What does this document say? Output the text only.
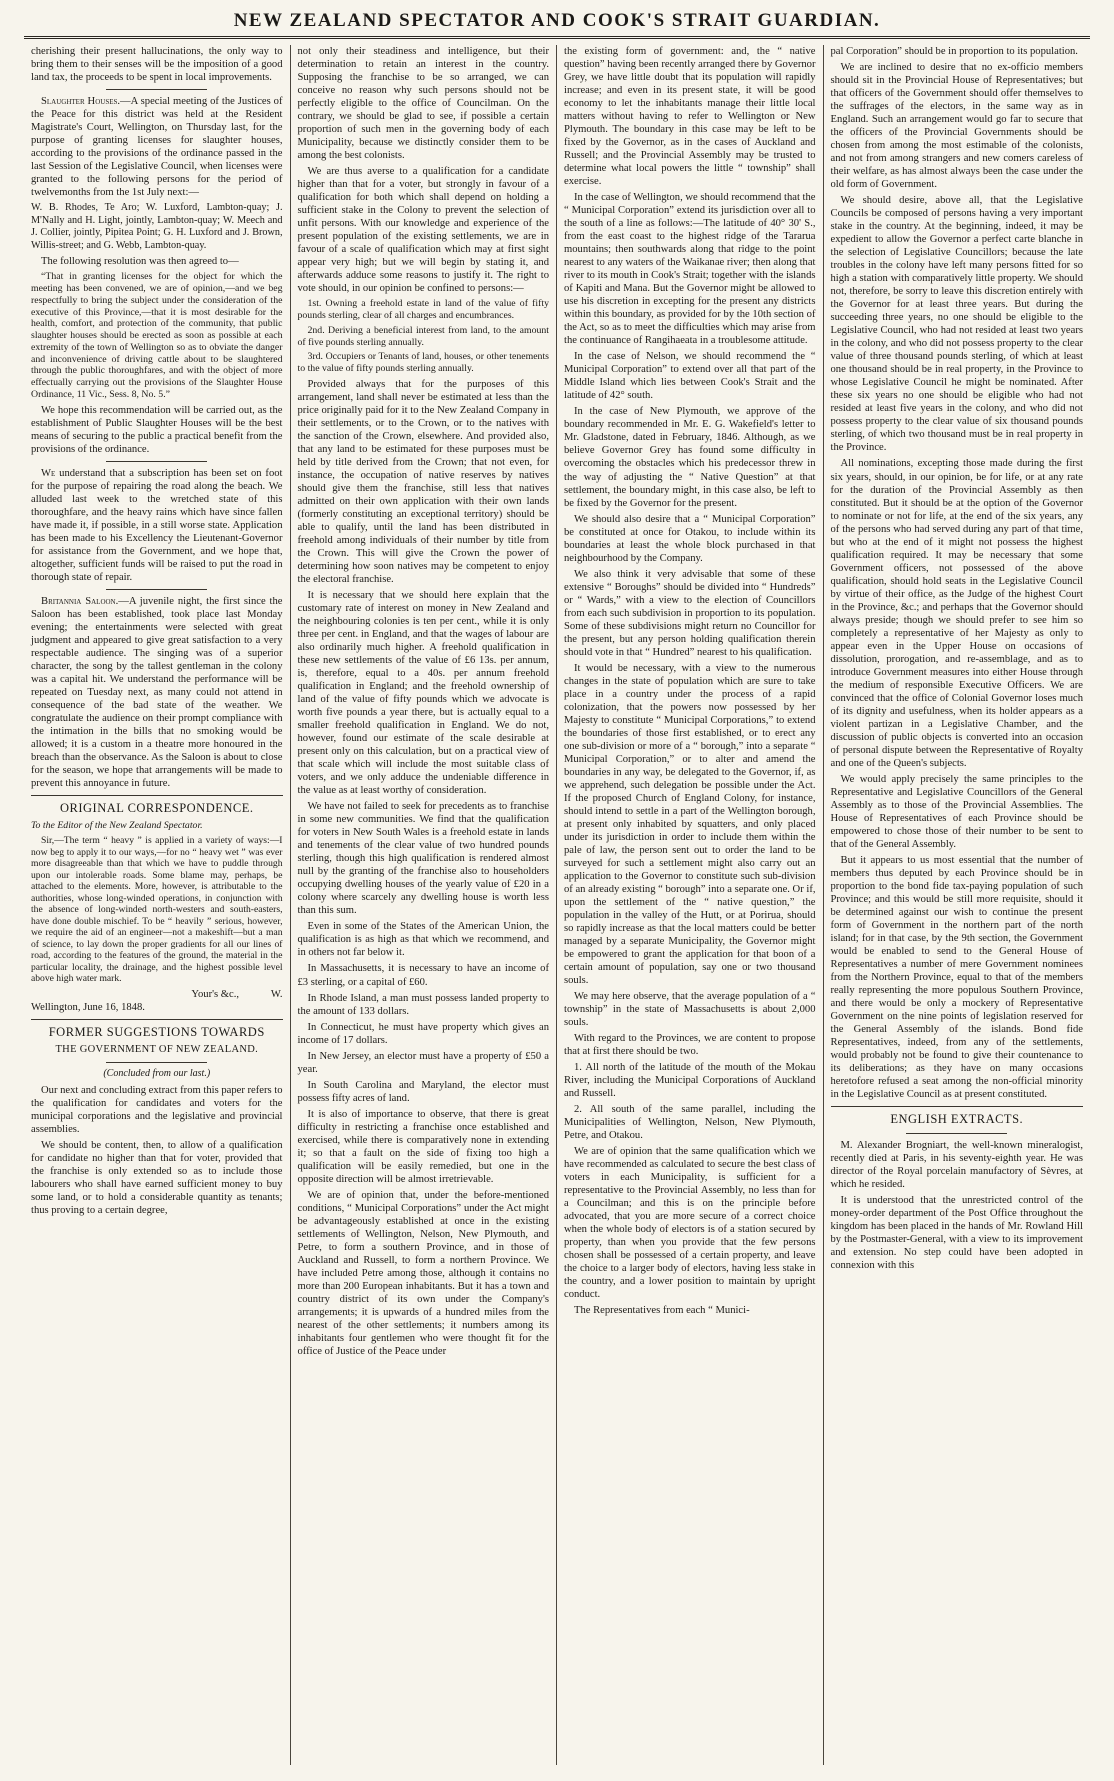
NEW ZEALAND SPECTATOR AND COOK'S STRAIT GUARDIAN.

cherishing their present hallucinations, the only way to bring them to their senses will be the imposition of a good land tax, the proceeds to be spent in local improvements.

Slaughter Houses.—A special meeting of the Justices of the Peace for this district was held at the Resident Magistrate's Court, Wellington, on Thursday last, for the purpose of granting licenses for slaughter houses, according to the provisions of the ordinance passed in the last Session of the Legislative Council, when licenses were granted to the following persons for the period of twelvemonths from the 1st July next:—

W. B. Rhodes, Te Aro; W. Luxford, Lambton-quay; J. M'Nally and H. Light, jointly, Lambton-quay; W. Meech and J. Collier, jointly, Pipitea Point; G. H. Luxford and J. Brown, Willis-street; and G. Webb, Lambton-quay.

The following resolution was then agreed to—

“That in granting licenses for the object for which the meeting has been convened, we are of opinion,—and we beg respectfully to bring the subject under the consideration of the executive of this Province,—that it is most desirable for the health, comfort, and protection of the community, that public slaughter houses should be erected as soon as possible at each extremity of the town of Wellington so as to obviate the danger and inconvenience of driving cattle about to be slaughtered through the public thoroughfares, and with the object of more effectually carrying out the provisions of the Slaughter House Ordinance, 11 Vic., Sess. 8, No. 5.”

We hope this recommendation will be carried out, as the establishment of Public Slaughter Houses will be the best means of securing to the public a practical benefit from the provisions of the ordinance.

We understand that a subscription has been set on foot for the purpose of repairing the road along the beach. We alluded last week to the wretched state of this thoroughfare, and the heavy rains which have since fallen have made it, if possible, in a still worse state. Application has been made to his Excellency the Lieutenant-Governor for assistance from the Government, and we hope that, altogether, sufficient funds will be raised to put the road in thorough state of repair.

Britannia Saloon.—A juvenile night, the first since the Saloon has been established, took place last Monday evening; the entertainments were selected with great judgment and appeared to give great satisfaction to a very respectable audience. The singing was of a superior character, the song by the tallest gentleman in the colony was a capital hit. We understand the performance will be repeated on Tuesday next, as many could not attend in consequence of the bad state of the weather. We congratulate the audience on their prompt compliance with the intimation in the bills that no smoking would be allowed; it is a custom in a theatre more honoured in the breach than the observance. As the Saloon is about to close for the season, we hope that arrangements will be made to prevent this annoyance in future.

ORIGINAL CORRESPONDENCE.

To the Editor of the New Zealand Spectator.

Sir,—The term “ heavy ” is applied in a variety of ways:—I now beg to apply it to our ways,—for no “ heavy wet ” was ever more disagreeable than that which we have to puddle through upon our intolerable roads. Some blame may, perhaps, be attached to the elements. More, however, is attributable to the authorities, whose long-winded operations, in conjunction with the absence of long-winded north-westers and south-easters, have done double mischief. To be “ heavily ” serious, however, we require the aid of an engineer—not a makeshift—but a man of science, to lay down the proper gradients for all our lines of road, according to the features of the ground, the material in the particular locality, the drainage, and the highest possible level above high water mark.

Your's &c.,	W.

Wellington, June 16, 1848.

FORMER SUGGESTIONS TOWARDS
THE GOVERNMENT OF NEW ZEALAND.

(Concluded from our last.)

Our next and concluding extract from this paper refers to the qualification for candidates and voters for the municipal corporations and the legislative and provincial assemblies.

We should be content, then, to allow of a qualification for candidate no higher than that for voter, provided that the franchise is only extended so as to include those labourers who shall have earned sufficient money to buy some land, or to hold a considerable quantity as tenants; thus proving to a certain degree,

not only their steadiness and intelligence, but their determination to retain an interest in the country. Supposing the franchise to be so arranged, we can conceive no reason why such persons should not be perfectly eligible to the office of Councilman. On the contrary, we should be glad to see, if possible a certain proportion of such men in the governing body of each Municipality, because we distinctly consider them to be among the best colonists.

We are thus averse to a qualification for a candidate higher than that for a voter, but strongly in favour of a qualification for both which shall depend on holding a sufficient stake in the Colony to prevent the selection of unfit persons. With our knowledge and experience of the present population of the existing settlements, we are in favour of a scale of qualification which may at first sight appear very high; but we will begin by stating it, and afterwards adduce some reasons to justify it. The right to vote should, in our opinion be confined to persons:—

1st. Owning a freehold estate in land of the value of fifty pounds sterling, clear of all charges and encumbrances.

2nd. Deriving a beneficial interest from land, to the amount of five pounds sterling annually.

3rd. Occupiers or Tenants of land, houses, or other tenements to the value of fifty pounds sterling annually.

Provided always that for the purposes of this arrangement, land shall never be estimated at less than the price originally paid for it to the New Zealand Company in their settlements, or to the Crown, or to the natives with the sanction of the Crown, elsewhere. And provided also, that any land to be estimated for these purposes must be held by title derived from the Crown; that not even, for instance, the occupation of native reserves by natives should give them the franchise, still less that natives admitted on their own application with their own lands (formerly constituting an exceptional territory) should be able to qualify, until the land has been distributed in freehold among individuals of their number by title from the Crown. This will give the Crown the power of determining how soon natives may be competent to enjoy the electoral franchise.

It is necessary that we should here explain that the customary rate of interest on money in New Zealand and the neighbouring colonies is ten per cent., while it is only three per cent. in England, and that the wages of labour are also ordinarily much higher. A freehold qualification in these new settlements of the value of £6 13s. per annum, is, therefore, equal to a 40s. per annum freehold qualification in England; and the freehold ownership of land of the value of fifty pounds which we advocate is worth five pounds a year there, but is actually equal to a smaller freehold qualification in England. We do not, however, found our estimate of the scale desirable at present only on this calculation, but on a practical view of that scale which will include the most suitable class of voters, and we only adduce the undeniable difference in the value as at least worthy of consideration.

We have not failed to seek for precedents as to franchise in some new communities. We find that the qualification for voters in New South Wales is a freehold estate in lands and tenements of the clear value of two hundred pounds sterling, though this high qualification is rendered almost null by the granting of the franchise also to householders occupying dwelling houses of the yearly value of £20 in a colony where scarcely any dwelling house is worth less than this sum.

Even in some of the States of the American Union, the qualification is as high as that which we recommend, and in others not far below it.

In Massachusetts, it is necessary to have an income of £3 sterling, or a capital of £60.

In Rhode Island, a man must possess landed property to the amount of 133 dollars.

In Connecticut, he must have property which gives an income of 17 dollars.

In New Jersey, an elector must have a property of £50 a year.

In South Carolina and Maryland, the elector must possess fifty acres of land.

It is also of importance to observe, that there is great difficulty in restricting a franchise once established and exercised, while there is comparatively none in extending it; so that a fault on the side of fixing too high a qualification will be easily remedied, but one in the opposite direction will be almost irretrievable.

We are of opinion that, under the before-mentioned conditions, “ Municipal Corporations” under the Act might be advantageously established at once in the existing settlements of Wellington, Nelson, New Plymouth, and Petre, to form a southern Province, and in those of Auckland and Russell, to form a northern Province. We have included Petre among those, although it contains no more than 200 European inhabitants. But it has a town and country district of its own under the Company's arrangements; it is upwards of a hundred miles from the nearest of the other settlements; it numbers among its inhabitants four gentlemen who were thought fit for the office of Justice of the Peace under

the existing form of government: and, the “ native question” having been recently arranged there by Governor Grey, we have little doubt that its population will rapidly increase; and even in its present state, it will be good economy to let the inhabitants manage their little local matters without having to refer to Wellington or New Plymouth. The boundary in this case may be left to be fixed by the Governor, as in the cases of Auckland and Russell; and the Provincial Assembly may be trusted to determine what local powers the little “ township” shall exercise.

In the case of Wellington, we should recommend that the “ Municipal Corporation” extend its jurisdiction over all to the south of a line as follows:—The latitude of 40° 30' S., from the east coast to the highest ridge of the Tararua mountains; then southwards along that ridge to the point nearest to any waters of the Waikanae river; then along that river to its mouth in Cook's Strait; together with the islands of Kapiti and Mana. But the Governor might be allowed to use his discretion in excepting for the present any districts within this boundary, as provided for by the 10th section of the Act, so as to meet the difficulties which may arise from the continuance of Rangihaeata in a troublesome attitude.

In the case of Nelson, we should recommend the “ Municipal Corporation” to extend over all that part of the Middle Island which lies between Cook's Strait and the latitude of 42° south.

In the case of New Plymouth, we approve of the boundary recommended in Mr. E. G. Wakefield's letter to Mr. Gladstone, dated in February, 1846. Although, as we believe Governor Grey has found some difficulty in overcoming the obstacles which his predecessor threw in the way of adjusting the “ Native Question” at that settlement, the boundary might, in this case also, be left to be fixed by the Governor for the present.

We should also desire that a “ Municipal Corporation” be constituted at once for Otakou, to include within its boundaries at least the whole block purchased in that neighbourhood by the Company.

We also think it very advisable that some of these extensive “ Boroughs” should be divided into “ Hundreds” or “ Wards,” with a view to the election of Councillors from each such subdivision in proportion to its population. Some of these subdivisions might return no Councillor for the present, but any person holding qualification therein should vote in that “ Hundred” nearest to his qualification.

It would be necessary, with a view to the numerous changes in the state of population which are sure to take place in a country under the process of a rapid colonization, that the powers now possessed by her Majesty to constitute “ Municipal Corporations,” to extend the boundaries of those first established, or to erect any one sub-division or more of a “ borough,” into a separate “ Municipal Corporation,” or to alter and amend the boundaries in any way, be delegated to the Governor, if, as we apprehend, such delegation be possible under the Act. If the proposed Church of England Colony, for instance, should intend to settle in a part of the Wellington borough, at present only inhabited by squatters, and only placed under its jurisdiction in order to include them within the pale of law, the person sent out to order the land to be surveyed for such a settlement might also carry out an application to the Governor to constitute such sub-division of an already existing “ borough” into a separate one. Or if, upon the settlement of the “ native question,” the population in the valley of the Hutt, or at Porirua, should so rapidly increase as that the local matters could be better managed by a separate Municipality, the Governor might be empowered to grant the application for that boon of a certain amount of population, say one or two thousand souls.

We may here observe, that the average population of a “ township” in the state of Massachusetts is about 2,000 souls.

With regard to the Provinces, we are content to propose that at first there should be two.

1. All north of the latitude of the mouth of the Mokau River, including the Municipal Corporations of Auckland and Russell.

2. All south of the same parallel, including the Municipalities of Wellington, Nelson, New Plymouth, Petre, and Otakou.

We are of opinion that the same qualification which we have recommended as calculated to secure the best class of voters in each Municipality, is sufficient for a representative to the Provincial Assembly, no less than for a Councilman; and this is on the principle before advocated, that you are more secure of a correct choice when the whole body of electors is of a station secured by property, than when you provide that the few persons chosen shall be possessed of a certain property, and leave the choice to a larger body of electors, having less stake in the country, and a lower position to maintain by upright conduct.

The Representatives from each “ Munici-

pal Corporation” should be in proportion to its population.

We are inclined to desire that no ex-officio members should sit in the Provincial House of Representatives; but that officers of the Government should offer themselves to the suffrages of the electors, in the same way as in England. Such an arrangement would go far to secure that the officers of the Provincial Governments should be chosen from among the most estimable of the colonists, and not from among strangers and new comers careless of their welfare, as has almost always been the case under the old form of Government.

We should desire, above all, that the Legislative Councils be composed of persons having a very important stake in the country. At the beginning, indeed, it may be expedient to allow the Governor a perfect carte blanche in the selection of Legislative Councillors; because the late troubles in the colony have left many persons fitted for so high a station with comparatively little property. We should not, therefore, be sorry to leave this discretion entirely with the Governor for at least three years. But during the succeeding three years, no one should be eligible to the Legislative Council, who had not resided at least two years in the colony, and who did not possess property to the clear value of three thousand pounds sterling, of which at least one thousand should be in real property, in the Province to whose Legislative Council he might be nominated. After these six years no one should be eligible who had not resided at least five years in the colony, and who did not possess property to the clear value of six thousand pounds sterling, of which two thousand must be in real property in the Province.

All nominations, excepting those made during the first six years, should, in our opinion, be for life, or at any rate for the duration of the Provincial Assembly as then constituted. But it should be at the option of the Governor to nominate or not for life, at the end of the six years, any of the persons who had served during any part of that time, but who at the end of it might not possess the highest qualification required. It may be necessary that some Government officers, not possessed of the above qualification, should hold seats in the Legislative Council by virtue of their office, as the Judge of the highest Court in the Province, &c.; and perhaps that the Governor should always preside; though we should prefer to see him so completely a representative of her Majesty as only to appear even in the Upper House on occasions of dissolution, prorogation, and re-assemblage, and as to introduce Government measures into either House through the medium of responsible Executive Officers. We are convinced that the office of Colonial Governor loses much of its dignity and usefulness, when its holder appears as a violent partizan in a Legislative Chamber, and the discussion of public objects is converted into an occasion of personal dispute between the Representative of Royalty and one of the Queen's subjects.

We would apply precisely the same principles to the Representative and Legislative Councillors of the General Assembly as to those of the Provincial Assemblies. The House of Representatives of each Province should be empowered to chose those of their number to be sent to that of the General Assembly.

But it appears to us most essential that the number of members thus deputed by each Province should be in proportion to the bond fide tax-paying population of such Province; and this would be still more requisite, should it be determined against our wish to continue the present form of Government in the northern part of the north island; for in that case, by the 9th section, the Government would be enabled to send to the General House of Representatives a number of mere Government nominees from the Northern Province, equal to that of the members really representing the more populous Southern Province, and there would be only a mockery of Representative Government on the nine points of legislation reserved for the General Assembly of the islands. Bond fide Representatives, indeed, from any of the settlements, would probably not be found to give their countenance to its deliberations; as they have on many occasions heretofore refused a seat among the non-official minority in the Legislative Council as at present constituted.

ENGLISH EXTRACTS.

M. Alexander Brogniart, the well-known mineralogist, recently died at Paris, in his seventy-eighth year. He was director of the Royal porcelain manufactory of Sèvres, at which he resided.

It is understood that the unrestricted control of the money-order department of the Post Office throughout the kingdom has been placed in the hands of Mr. Rowland Hill by the Postmaster-General, with a view to its improvement and extension. No step could have been adopted in connexion with this
